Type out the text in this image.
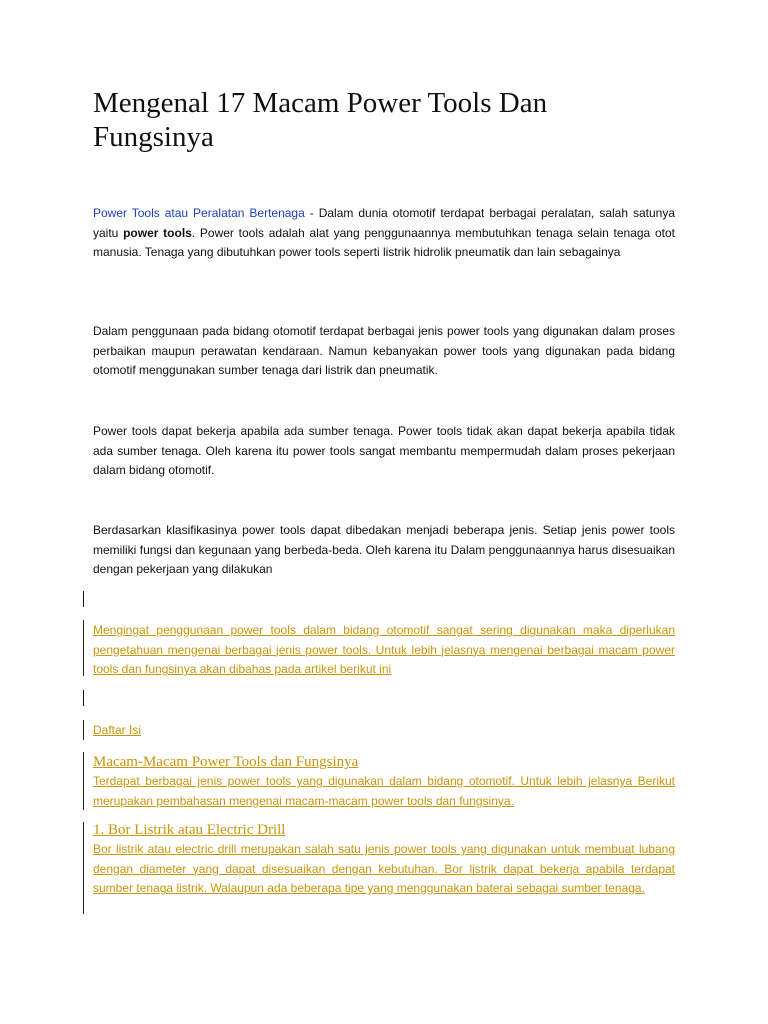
Mengenal 17 Macam Power Tools Dan Fungsinya

Power Tools atau Peralatan Bertenaga - Dalam dunia otomotif terdapat berbagai peralatan, salah satunya yaitu power tools. Power tools adalah alat yang penggunaannya membutuhkan tenaga selain tenaga otot manusia. Tenaga yang dibutuhkan power tools seperti listrik hidrolik pneumatik dan lain sebagainya

Dalam penggunaan pada bidang otomotif terdapat berbagai jenis power tools yang digunakan dalam proses perbaikan maupun perawatan kendaraan. Namun kebanyakan power tools yang digunakan pada bidang otomotif menggunakan sumber tenaga dari listrik dan pneumatik.

Power tools dapat bekerja apabila ada sumber tenaga. Power tools tidak akan dapat bekerja apabila tidak ada sumber tenaga. Oleh karena itu power tools sangat membantu mempermudah dalam proses pekerjaan dalam bidang otomotif.

Berdasarkan klasifikasinya power tools dapat dibedakan menjadi beberapa jenis. Setiap jenis power tools memiliki fungsi dan kegunaan yang berbeda-beda. Oleh karena itu Dalam penggunaannya harus disesuaikan dengan pekerjaan yang dilakukan

Mengingat penggunaan power tools dalam bidang otomotif sangat sering digunakan maka diperlukan pengetahuan mengenai berbagai jenis power tools. Untuk lebih jelasnya mengenai berbagai macam power tools dan fungsinya akan dibahas pada artikel berikut ini

Daftar Isi

Macam-Macam Power Tools dan Fungsinya

Terdapat berbagai jenis power tools yang digunakan dalam bidang otomotif. Untuk lebih jelasnya Berikut merupakan pembahasan mengenai macam-macam power tools dan fungsinya.

1. Bor Listrik atau Electric Drill

Bor listrik atau electric drill merupakan salah satu jenis power tools yang digunakan untuk membuat lubang dengan diameter yang dapat disesuaikan dengan kebutuhan. Bor listrik dapat bekerja apabila terdapat sumber tenaga listrik. Walaupun ada beberapa tipe yang menggunakan baterai sebagai sumber tenaga.
